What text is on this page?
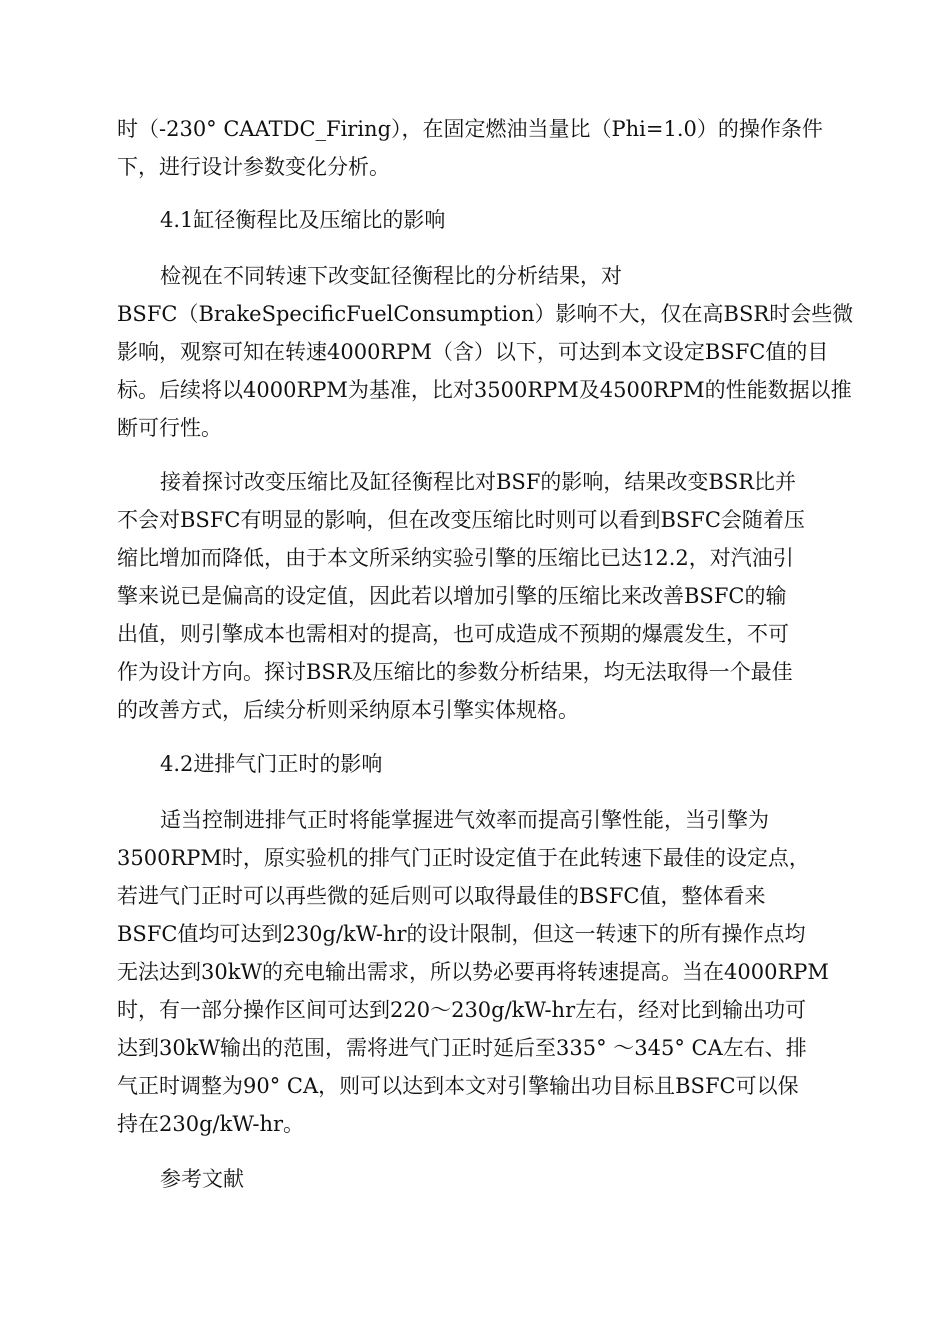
时（-230° CAATDC_Firing），在固定燃油当量比（Phi=1.0）的操作条件
下，进行设计参数变化分析。
4.1缸径衡程比及压缩比的影响
检视在不同转速下改变缸径衡程比的分析结果，对
BSFC（BrakeSpecificFuelConsumption）影响不大，仅在高BSR时会些微
影响，观察可知在转速4000RPM（含）以下，可达到本文设定BSFC值的目
标。后续将以4000RPM为基准，比对3500RPM及4500RPM的性能数据以推
断可行性。
接着探讨改变压缩比及缸径衡程比对BSF的影响，结果改变BSR比并
不会对BSFC有明显的影响，但在改变压缩比时则可以看到BSFC会随着压
缩比增加而降低，由于本文所采纳实验引擎的压缩比已达12.2，对汽油引
擎来说已是偏高的设定值，因此若以增加引擎的压缩比来改善BSFC的输
出值，则引擎成本也需相对的提高，也可成造成不预期的爆震发生，不可
作为设计方向。探讨BSR及压缩比的参数分析结果，均无法取得一个最佳
的改善方式，后续分析则采纳原本引擎实体规格。
4.2进排气门正时的影响
适当控制进排气正时将能掌握进气效率而提高引擎性能，当引擎为
3500RPM时，原实验机的排气门正时设定值于在此转速下最佳的设定点，
若进气门正时可以再些微的延后则可以取得最佳的BSFC值，整体看来
BSFC值均可达到230g/kW-hr的设计限制，但这一转速下的所有操作点均
无法达到30kW的充电输出需求，所以势必要再将转速提高。当在4000RPM
时，有一部分操作区间可达到220～230g/kW-hr左右，经对比到输出功可
达到30kW输出的范围，需将进气门正时延后至335° ～345° CA左右、排
气正时调整为90° CA，则可以达到本文对引擎输出功目标且BSFC可以保
持在230g/kW-hr。
参考文献
